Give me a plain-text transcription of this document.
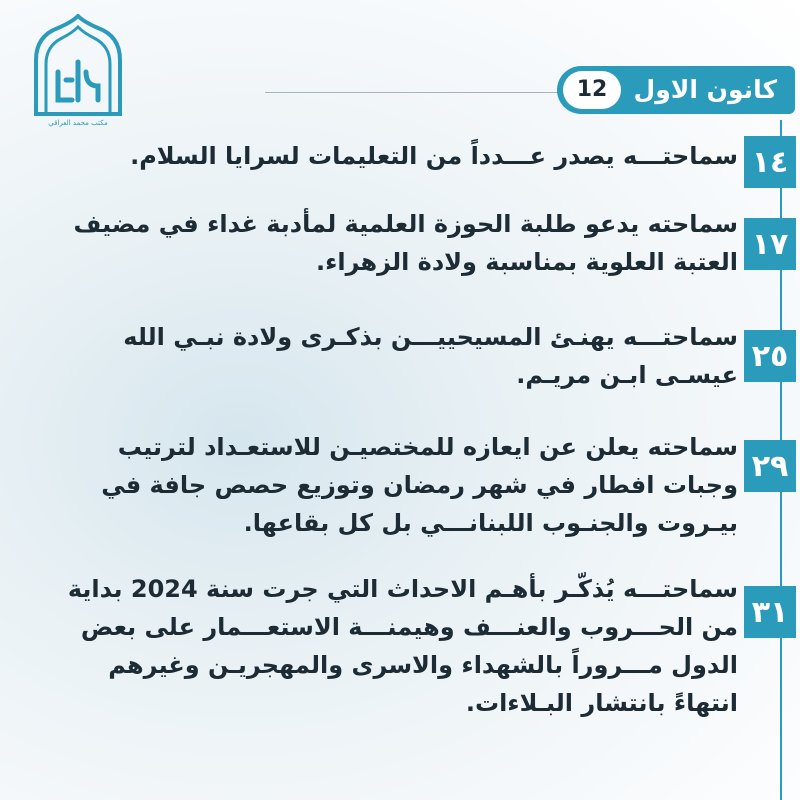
مكتب محمد العراقي
كانون الاول
12
١٤
سماحتـــه يصدر عـــدداً من التعليمات لسرايا السلام.
١٧
سماحته يدعو طلبة الحوزة العلمية لمأدبة غداء في مضيف العتبة العلوية بمناسبة ولادة الزهراء.
٢٥
سماحتـــه يهنـئ المسيحييـــن بذكـرى ولادة نبـي الله عيسـى ابـن مريـم.
٢٩
سماحته يعلن عن ايعازه للمختصيـن للاستعـداد لترتيب وجبات افطار في شهر رمضان وتوزيع حصص جافة في بيـروت والجنـوب اللبنانـــي بل كل بقاعها.
٣١
سماحتـــه يُذكّـر بأهـم الاحداث التي جرت سنة 2024 بداية من الحـــروب والعنـــف وهيمنـــة الاستعـــمار على بعض الدول مـــروراً بالشهداء والاسرى والمهجريـن وغيرهم انتهاءً بانتشار البـلاءات.
